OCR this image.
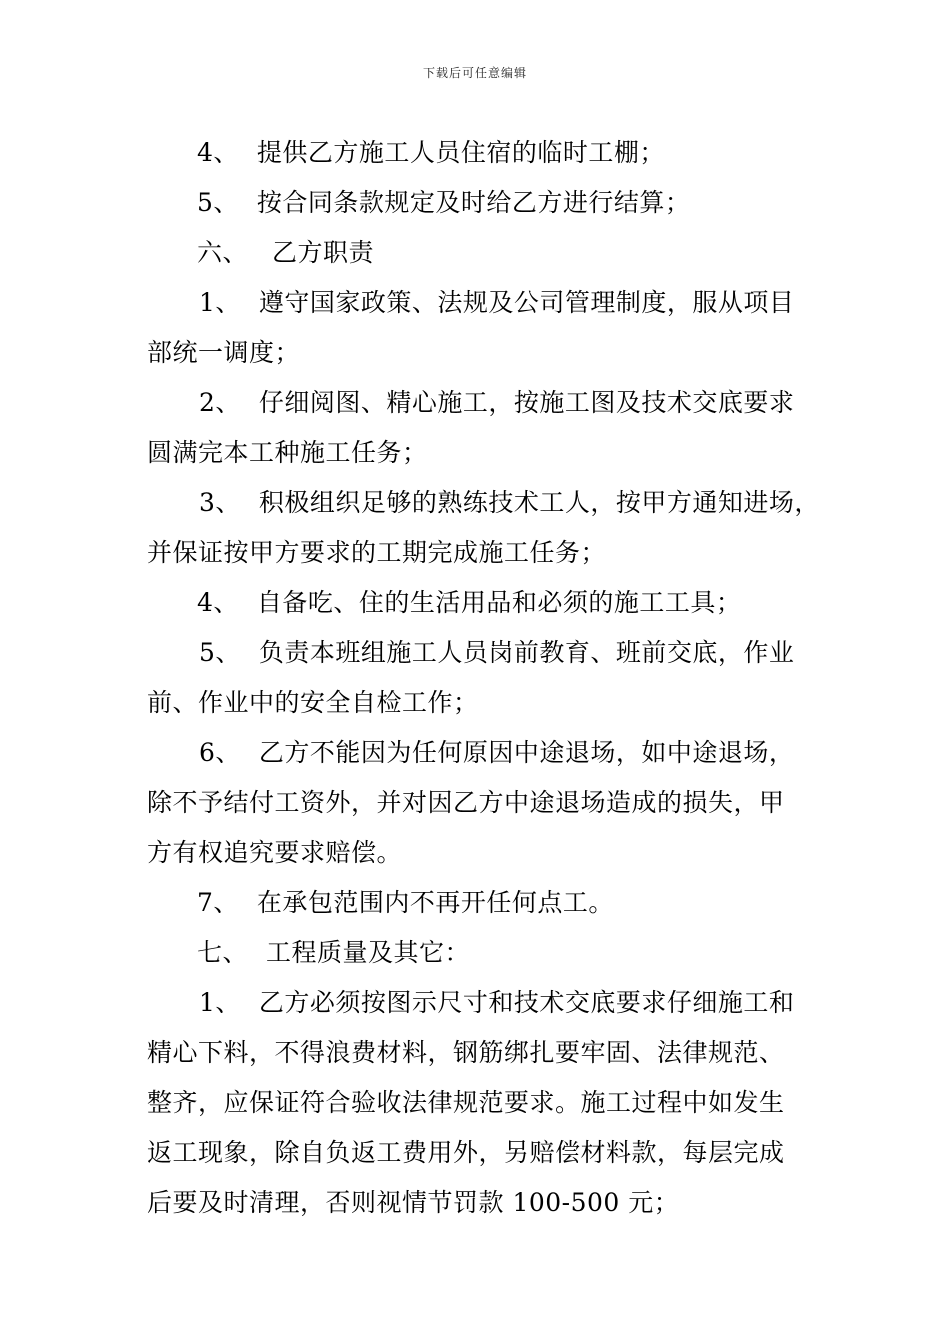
下载后可任意编辑
4、 提供乙方施工人员住宿的临时工棚；
5、 按合同条款规定及时给乙方进行结算；
六、 乙方职责
1、 遵守国家政策、法规及公司管理制度，服从项目
部统一调度；
2、 仔细阅图、精心施工，按施工图及技术交底要求
圆满完本工种施工任务；
3、 积极组织足够的熟练技术工人，按甲方通知进场，
并保证按甲方要求的工期完成施工任务；
4、 自备吃、住的生活用品和必须的施工工具；
5、 负责本班组施工人员岗前教育、班前交底，作业
前、作业中的安全自检工作；
6、 乙方不能因为任何原因中途退场，如中途退场，
除不予结付工资外，并对因乙方中途退场造成的损失，甲
方有权追究要求赔偿。
7、 在承包范围内不再开任何点工。
七、 工程质量及其它：
1、 乙方必须按图示尺寸和技术交底要求仔细施工和
精心下料，不得浪费材料，钢筋绑扎要牢固、法律规范、
整齐，应保证符合验收法律规范要求。施工过程中如发生
返工现象，除自负返工费用外，另赔偿材料款，每层完成
后要及时清理，否则视情节罚款 100-500 元；
